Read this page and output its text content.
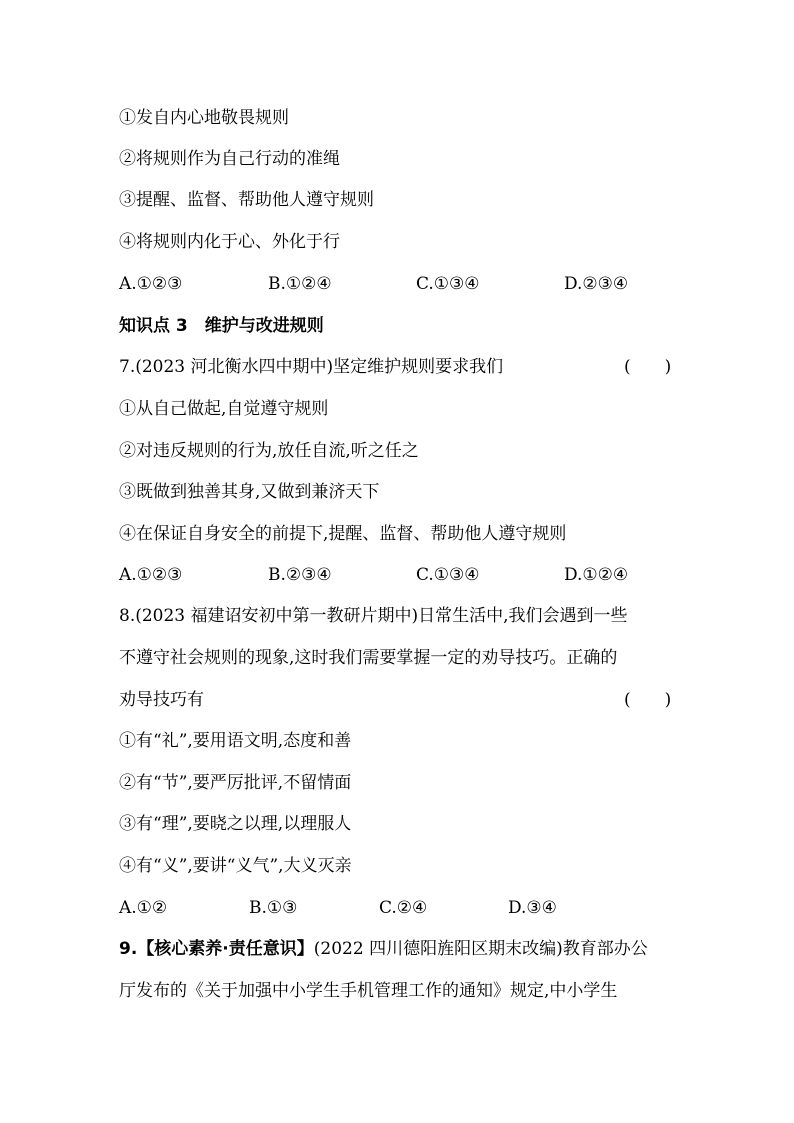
①发自内心地敬畏规则
②将规则作为自己行动的准绳
③提醒、监督、帮助他人遵守规则
④将规则内化于心、外化于行
A.①②③	B.①②④	C.①③④	D.②③④
知识点 3　维护与改进规则
7.(2023 河北衡水四中期中)坚定维护规则要求我们	(　　)
①从自己做起,自觉遵守规则
②对违反规则的行为,放任自流,听之任之
③既做到独善其身,又做到兼济天下
④在保证自身安全的前提下,提醒、监督、帮助他人遵守规则
A.①②③	B.②③④	C.①③④	D.①②④
8.(2023 福建诏安初中第一教研片期中)日常生活中,我们会遇到一些
不遵守社会规则的现象,这时我们需要掌握一定的劝导技巧。正确的
劝导技巧有	(　　)
①有“礼”,要用语文明,态度和善
②有“节”,要严厉批评,不留情面
③有“理”,要晓之以理,以理服人
④有“义”,要讲“义气”,大义灭亲
A.①②	B.①③	C.②④	D.③④
9.【核心素养·责任意识】(2022 四川德阳旌阳区期末改编)教育部办公
厅发布的《关于加强中小学生手机管理工作的通知》规定,中小学生
